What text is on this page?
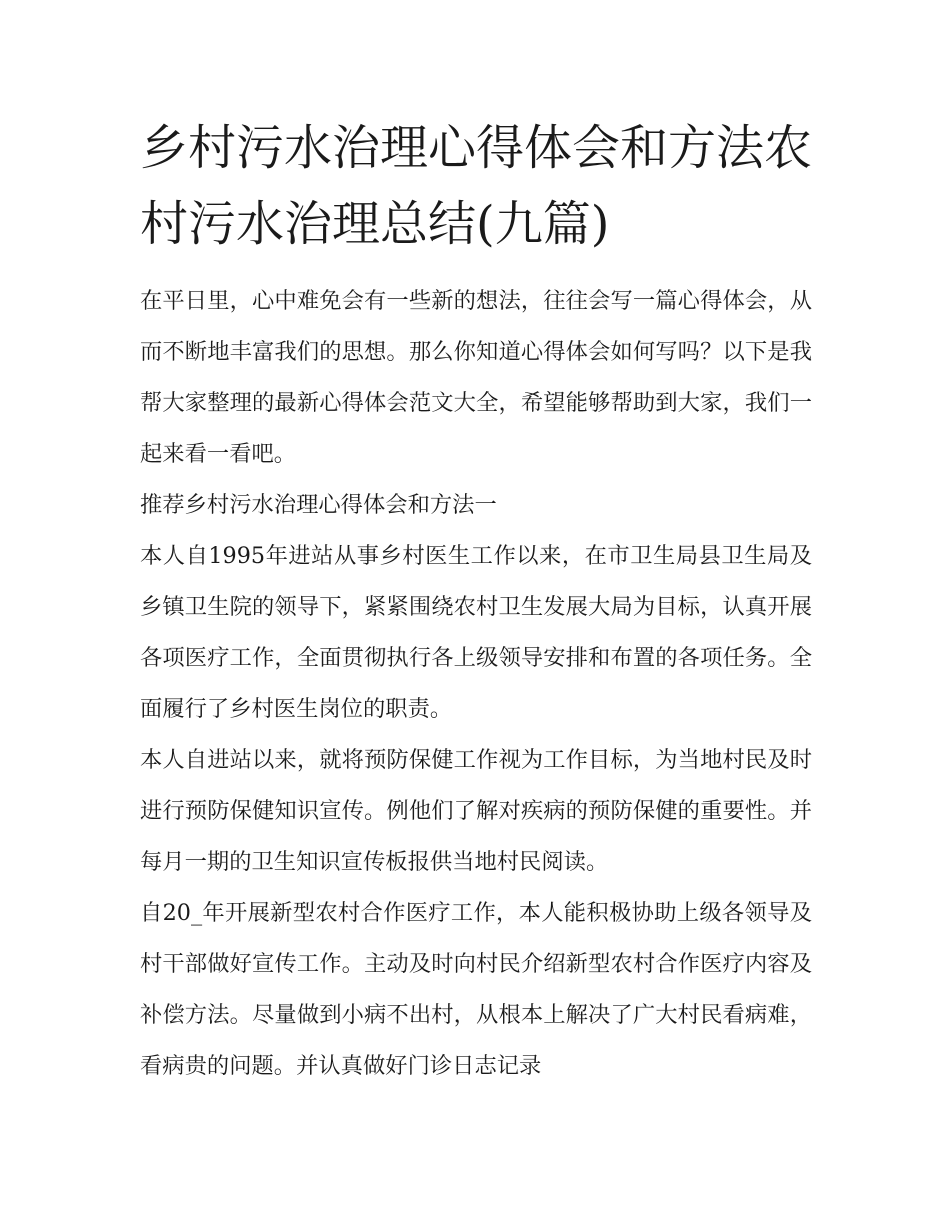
乡村污水治理心得体会和方法农村污水治理总结(九篇)

在平日里，心中难免会有一些新的想法，往往会写一篇心得体会，从而不断地丰富我们的思想。那么你知道心得体会如何写吗？以下是我帮大家整理的最新心得体会范文大全，希望能够帮助到大家，我们一起来看一看吧。

推荐乡村污水治理心得体会和方法一

本人自1995年进站从事乡村医生工作以来，在市卫生局县卫生局及乡镇卫生院的领导下，紧紧围绕农村卫生发展大局为目标，认真开展各项医疗工作，全面贯彻执行各上级领导安排和布置的各项任务。全面履行了乡村医生岗位的职责。

本人自进站以来，就将预防保健工作视为工作目标，为当地村民及时进行预防保健知识宣传。例他们了解对疾病的预防保健的重要性。并每月一期的卫生知识宣传板报供当地村民阅读。

自20_年开展新型农村合作医疗工作，本人能积极协助上级各领导及村干部做好宣传工作。主动及时向村民介绍新型农村合作医疗内容及补偿方法。尽量做到小病不出村，从根本上解决了广大村民看病难，看病贵的问题。并认真做好门诊日志记录
